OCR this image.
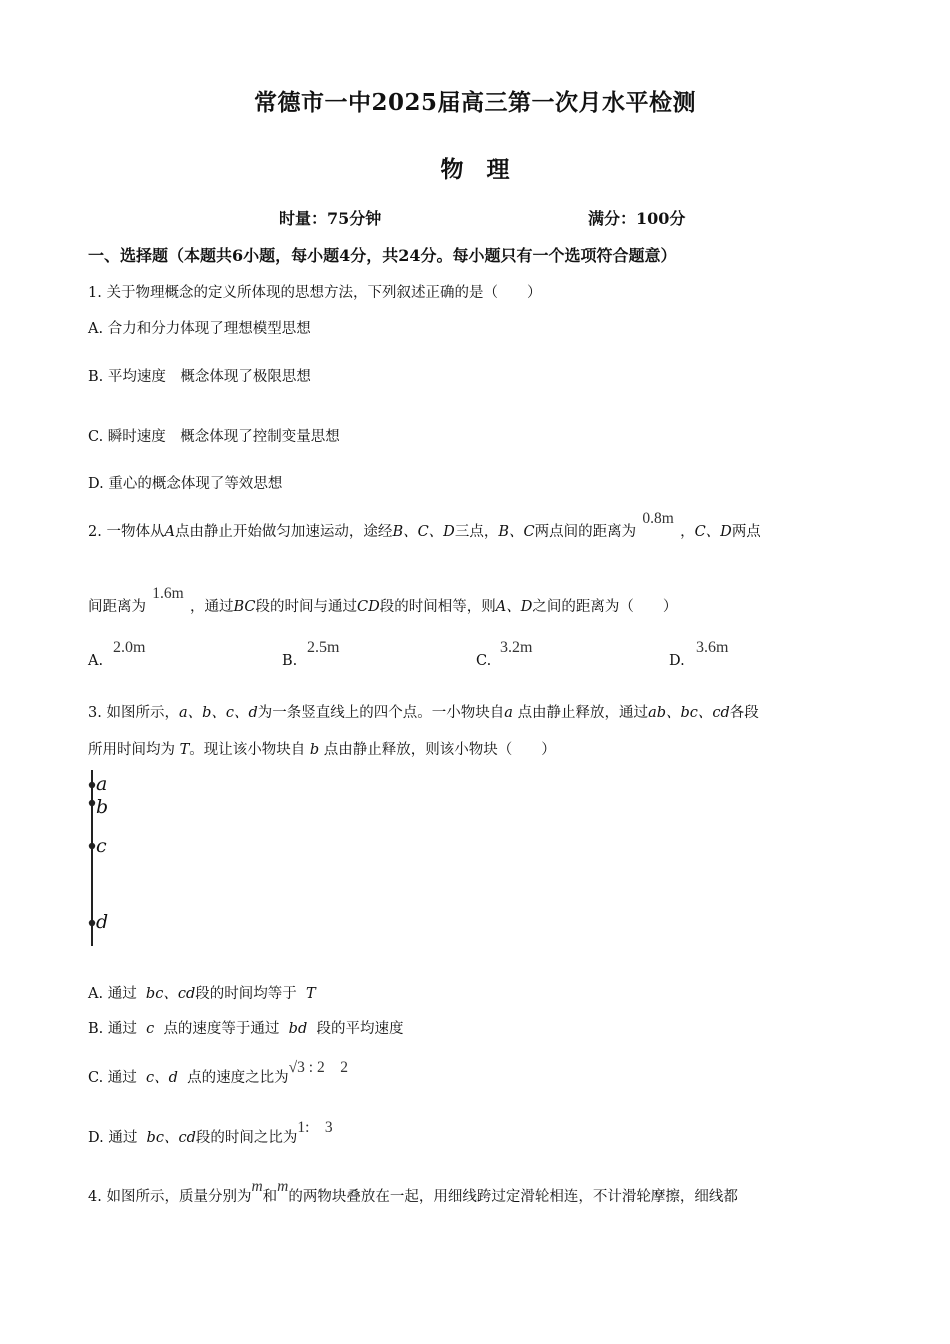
常德市一中2025届高三第一次月水平检测
物　理
时量：75分钟	满分：100分
一、选择题（本题共6小题，每小题4分，共24分。每小题只有一个选项符合题意）
1. 关于物理概念的定义所体现的思想方法，下列叙述正确的是（　　）
A. 合力和分力体现了理想模型思想
B. 平均速度　概念体现了极限思想
C. 瞬时速度　概念体现了控制变量思想
D. 重心的概念体现了等效思想
2. 一物体从A点由静止开始做匀加速运动，途经B、C、D三点，B、C两点间的距离为0.8m，C、D两点
间距离为1.6m，通过BC段的时间与通过CD段的时间相等，则A、D之间的距离为（　　）
A.
2.0m
B.
2.5m
C.
3.2m
D.
3.6m
3. 如图所示，a、b、c、d为一条竖直线上的四个点。一小物块自a 点由静止释放，通过ab、bc、cd各段
所用时间均为 T。现让该小物块自 b 点由静止释放，则该小物块（　　）
a
b
c
d
A. 通过 bc、cd段的时间均等于 T
B. 通过 c 点的速度等于通过 bd 段的平均速度
C. 通过 c、d 点的速度之比为√3 : 2　2
D. 通过 bc、cd段的时间之比为1:　3
4. 如图所示，质量分别为m和m的两物块叠放在一起，用细线跨过定滑轮相连，不计滑轮摩擦，细线都
